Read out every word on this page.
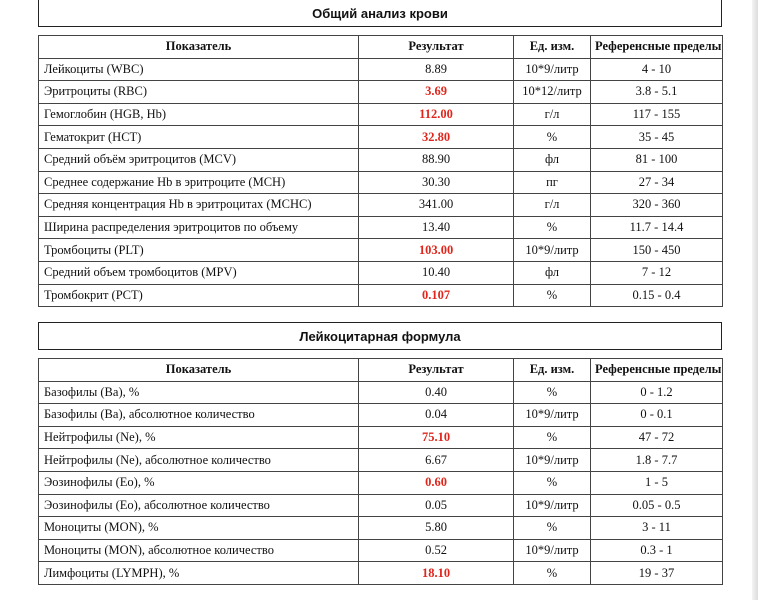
Общий анализ крови
Показатель	Результат	Ед. изм.	Референсные пределы
Лейкоциты (WBC)	8.89	10*9/литр	4 - 10
Эритроциты (RBC)	3.69	10*12/литр	3.8 - 5.1
Гемоглобин (HGB, Hb)	112.00	г/л	117 - 155
Гематокрит (HCT)	32.80	%	35 - 45
Средний объём эритроцитов (MCV)	88.90	фл	81 - 100
Среднее содержание Hb в эритроците (MCH)	30.30	пг	27 - 34
Средняя концентрация Hb в эритроцитах (MCHC)	341.00	г/л	320 - 360
Ширина распределения эритроцитов по объему	13.40	%	11.7 - 14.4
Тромбоциты (PLT)	103.00	10*9/литр	150 - 450
Средний объем тромбоцитов (MPV)	10.40	фл	7 - 12
Тромбокрит (PCT)	0.107	%	0.15 - 0.4
Лейкоцитарная формула
Показатель	Результат	Ед. изм.	Референсные пределы
Базофилы (Ba), %	0.40	%	0 - 1.2
Базофилы (Ba), абсолютное количество	0.04	10*9/литр	0 - 0.1
Нейтрофилы (Ne), %	75.10	%	47 - 72
Нейтрофилы (Ne), абсолютное количество	6.67	10*9/литр	1.8 - 7.7
Эозинофилы (Eo), %	0.60	%	1 - 5
Эозинофилы (Eo), абсолютное количество	0.05	10*9/литр	0.05 - 0.5
Моноциты (MON), %	5.80	%	3 - 11
Моноциты (MON), абсолютное количество	0.52	10*9/литр	0.3 - 1
Лимфоциты (LYMPH), %	18.10	%	19 - 37
